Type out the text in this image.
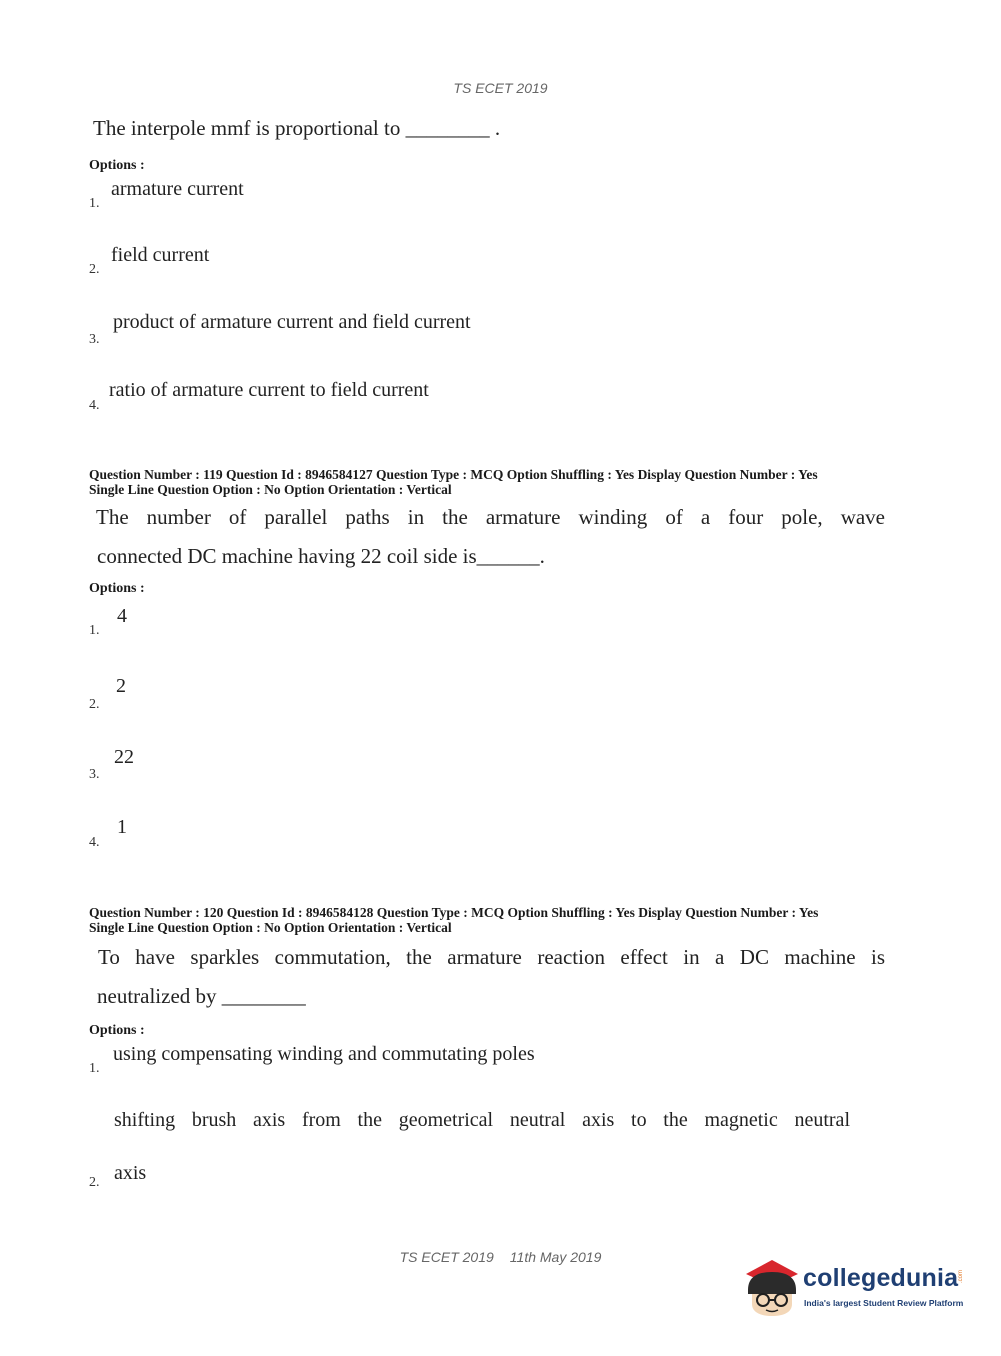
TS ECET 2019
The interpole mmf is proportional to ________ .
Options :
1.
armature current
2.
field current
3.
product of armature current and field current
4.
ratio of armature current to field current
Question Number : 119 Question Id : 8946584127 Question Type : MCQ Option Shuffling : Yes Display Question Number : Yes
Single Line Question Option : No Option Orientation : Vertical
The number of parallel paths in the armature winding of a four pole, wave
connected DC machine having 22 coil side is______.
Options :
1.
4
2.
2
3.
22
4.
1
Question Number : 120 Question Id : 8946584128 Question Type : MCQ Option Shuffling : Yes Display Question Number : Yes
Single Line Question Option : No Option Orientation : Vertical
To have sparkles commutation, the armature reaction effect in a DC machine is
neutralized by ________
Options :
1.
using compensating winding and commutating poles
shifting brush axis from the geometrical neutral axis to the magnetic neutral
2. axis
TS ECET 2019 11th May 2019
collegedunia .com
India's largest Student Review Platform
